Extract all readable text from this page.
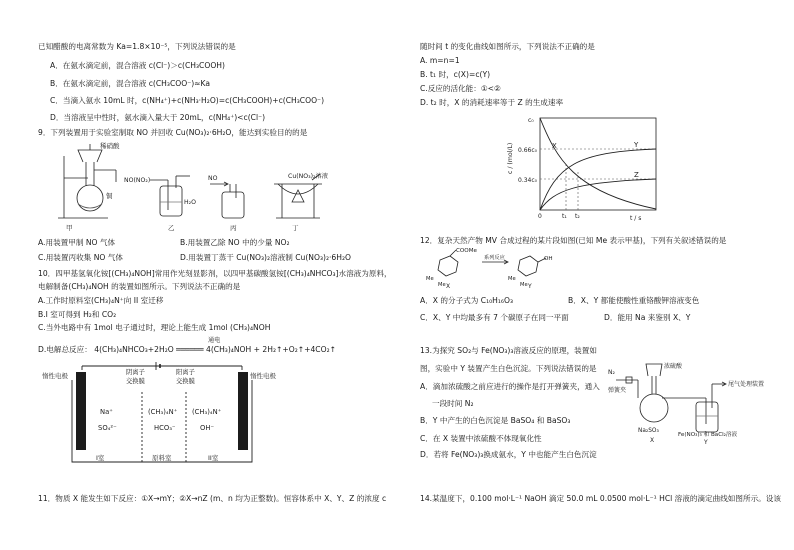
已知醋酸的电离常数为 Ka=1.8×10⁻⁵，下列说法错误的是
A．在氨水滴定前，混合溶液 c(Cl⁻)＞c(CH₃COOH)
B．在氨水滴定前，混合溶液 c(CH₃COO⁻)≈Ka
C．当滴入氨水 10mL 时，c(NH₄⁺)+c(NH₃·H₂O)=c(CH₃COOH)+c(CH₃COO⁻)
D．当溶液呈中性时，氨水滴入量大于 20mL，c(NH₄⁺)<c(Cl⁻)
9．下列装置用于实验室制取 NO 并回收 Cu(NO₃)₂·6H₂O，能达到实验目的的是
稀硝酸
铜
NO(NO₂)
H₂O
NO	Cu(NO₃)₂溶液
甲	乙	丙	丁
A.用装置甲制 NO 气体	B.用装置乙除 NO 中的少量 NO₂
C.用装置丙收集 NO 气体	D.用装置丁蒸干 Cu(NO₃)₂溶液制 Cu(NO₃)₂·6H₂O
10．四甲基氢氧化铵[(CH₃)₄NOH]常用作光刻显影剂，以四甲基碳酸氢铵[(CH₃)₄NHCO₃]水溶液为原料，
电解制备(CH₃)₄NOH 的装置如图所示。下列说法不正确的是
A.工作时原料室(CH₃)₄N⁺向 II 室迁移
B.I 室可得到 H₂和 CO₂
C.当外电路中有 1mol 电子通过时，理论上能生成 1mol (CH₃)₄NOH
通电
D.电解总反应： 4(CH₃)₄NHCO₃+2H₂O ══════ 4(CH₃)₄NOH + 2H₂↑+O₂↑+4CO₂↑
惰性电极	惰性电极
阴离子
交换膜
阳离子
交换膜
Na⁺
SO₄²⁻
(CH₃)₄N⁺
HCO₃⁻
(CH₃)₄N⁺
OH⁻
I室	原料室	II室
11．物质 X 能发生如下反应：①X→mY；②X→nZ (m、n 均为正整数)。恒容体系中 X、Y、Z 的浓度 c
随时间 t 的变化曲线如图所示，下列说法不正确的是
A. m=n=1
B. t₁ 时，c(X)=c(Y)
C.反应的活化能：①<②
D. t₂ 时，X 的消耗速率等于 Z 的生成速率
c / (mol/L)
c₀
0.66c₀
0.34c₀
X	Y
Z
0	t₁ t₂	t / s
12．复杂天然产物 MV 合成过程的某片段如图(已知 Me 表示甲基)，下列有关叙述错误的是
COOMe
系列反应	OH
Me
Me
Me
Me
X	Y
A．X 的分子式为 C₁₀H₁₆O₃	B．X、Y 都能使酸性重铬酸钾溶液变色
C．X、Y 中均最多有 7 个碳原子在同一平面	D．能用 Na 来鉴别 X、Y
13.为探究 SO₂与 Fe(NO₃)₃溶液反应的原理，装置如
图，实验中 Y 装置产生白色沉淀。下列说法错误的是
A．滴加浓硫酸之前应进行的操作是打开弹簧夹，通入
一段时间 N₂
B．Y 中产生的白色沉淀是 BaSO₄ 和 BaSO₃
C．在 X 装置中浓硫酸不体现氧化性
D．若将 Fe(NO₃)₃换成氨水，Y 中也能产生白色沉淀
N₂
弹簧夹
浓硫酸
尾气处理装置
Na₂SO₃
X
Fe(NO₃)₃ 和 BaCl₂溶液
Y
14.某温度下，0.100 mol·L⁻¹ NaOH 滴定 50.0 mL 0.0500 mol·L⁻¹ HCl 溶液的滴定曲线如图所示。设该
